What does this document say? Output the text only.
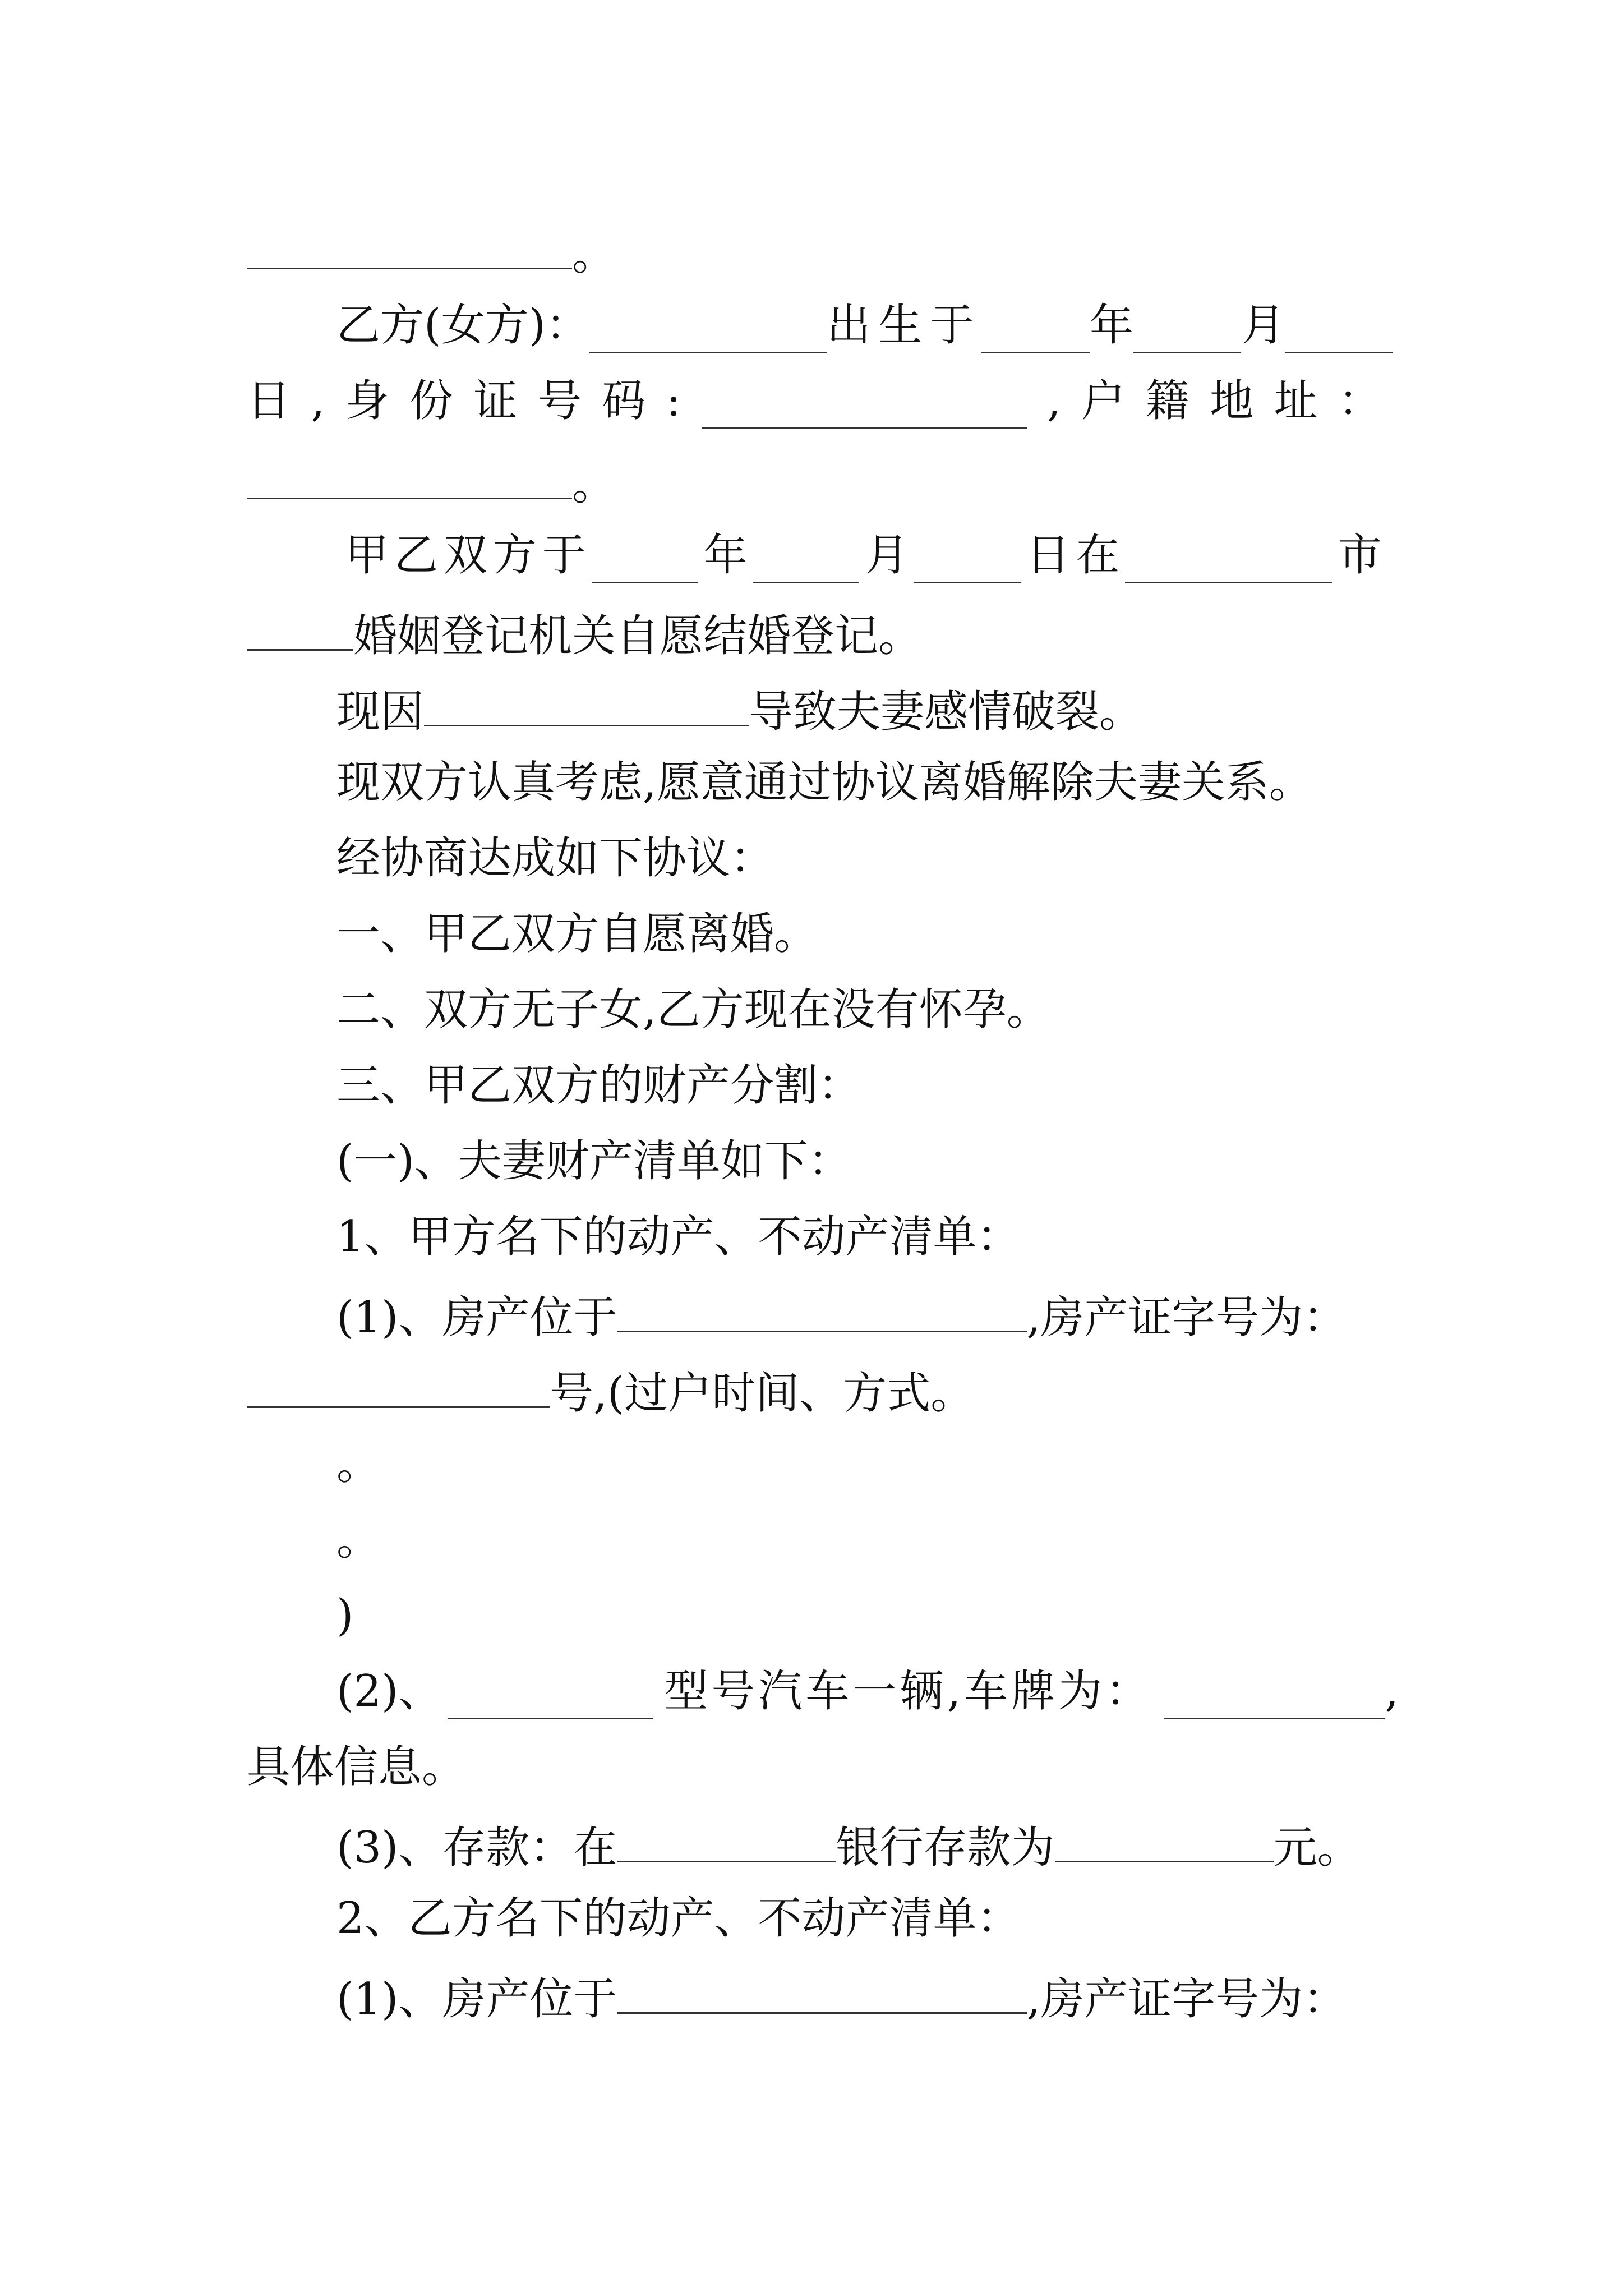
。
乙 方(女方)：	出生于 年 月
日 , 身 份 证 号 码 :	, 户 籍 地 址 ：
。
甲 乙 双 方 于	年	月	日 在	市
婚姻登记机关自愿结婚登记。
现因	导致夫妻感情破裂。
现双方认真考虑,愿意通过协议离婚解除夫妻关系。
经协商达成如下协议：
一、甲乙双方自愿离婚。
二、双方无子女,乙方现在没有怀孕。
三、甲乙双方的财产分割：
(一)、夫妻财产清单如下：
1、甲方名下的动产、不动产清单：
(1)、房产位于	,房产证字号为：
号,(过户时间、方式。
。
。
)
(2)、	型号汽车一辆,车牌为：	,
具体信息。
(3)、存款：在	银行存款为	元。
2、乙方名下的动产、不动产清单：
(1)、房产位于	,房产证字号为：
